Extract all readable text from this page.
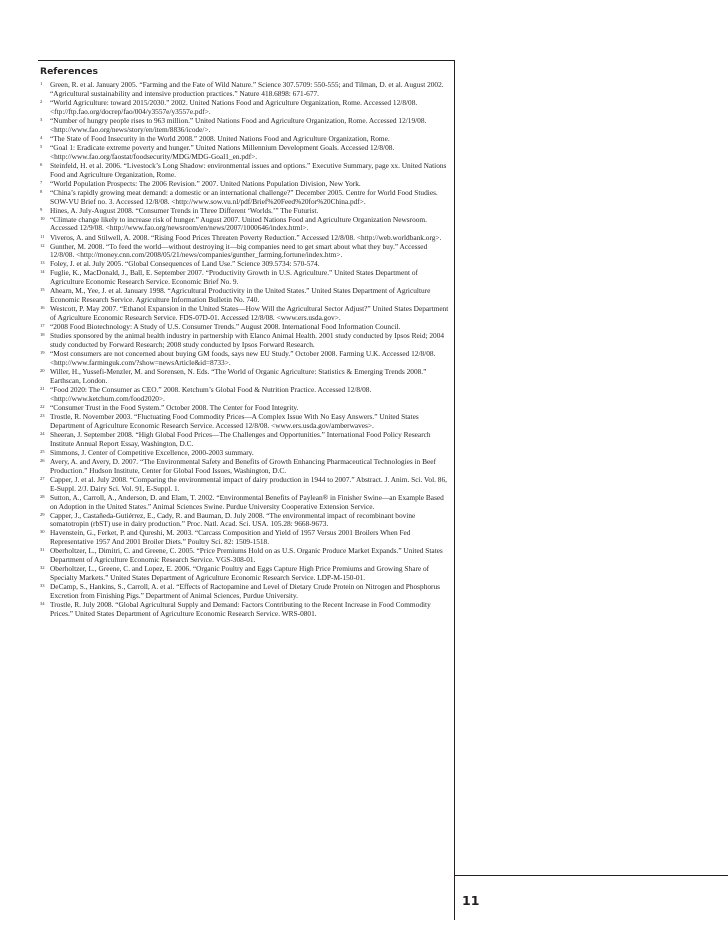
11
References
1 Green, R. et al. January 2005. “Farming and the Fate of Wild Nature.” Science 307.5709: 550-555; and Tilman, D. et al. August 2002. “Agricultural sustainability and intensive production practices.” Nature 418.6898: 671-677.
2 “World Agriculture: toward 2015/2030.” 2002. United Nations Food and Agriculture Organization, Rome. Accessed 12/8/08. <ftp://ftp.fao.org/docrep/fao/004/y3557e/y3557e.pdf>.
3 “Number of hungry people rises to 963 million.” United Nations Food and Agriculture Organization, Rome. Accessed 12/19/08. <http://www.fao.org/news/story/en/item/8836/icode/>.
4 “The State of Food Insecurity in the World 2008.” 2008. United Nations Food and Agriculture Organization, Rome.
5 “Goal 1: Eradicate extreme poverty and hunger.” United Nations Millennium Development Goals. Accessed 12/8/08. <http://www.fao.org/faostat/foodsecurity/MDG/MDG-Goal1_en.pdf>.
6 Steinfeld, H. et al. 2006. “Livestock’s Long Shadow: environmental issues and options.” Executive Summary, page xx. United Nations Food and Agriculture Organization, Rome.
7 “World Population Prospects: The 2006 Revision.” 2007. United Nations Population Division, New York.
8 “China’s rapidly growing meat demand: a domestic or an international challenge?” December 2005. Centre for World Food Studies. SOW-VU Brief no. 3. Accessed 12/8/08. <http://www.sow.vu.nl/pdf/Brief%20Feed%20for%20China.pdf>.
9 Hines, A. July-August 2008. “Consumer Trends in Three Different ‘Worlds.’” The Futurist.
10 “Climate change likely to increase risk of hunger.” August 2007. United Nations Food and Agriculture Organization Newsroom. Accessed 12/9/08. <http://www.fao.org/newsroom/en/news/2007/1000646/index.html>.
11 Viveros, A. and Stilwell, A. 2008. “Rising Food Prices Threaten Poverty Reduction.” Accessed 12/8/08. <http://web.worldbank.org>.
12 Gunther, M. 2008. “To feed the world—without destroying it—big companies need to get smart about what they buy.” Accessed 12/8/08. <http://money.cnn.com/2008/05/21/news/companies/gunther_farming.fortune/index.htm>.
13 Foley, J. et al. July 2005. “Global Consequences of Land Use.” Science 309.5734: 570-574.
14 Fuglie, K., MacDonald, J., Ball, E. September 2007. “Productivity Growth in U.S. Agriculture.” United States Department of Agriculture Economic Research Service. Economic Brief No. 9.
15 Ahearn, M., Yee, J. et al. January 1998. “Agricultural Productivity in the United States.” United States Department of Agriculture Economic Research Service. Agriculture Information Bulletin No. 740.
16 Westcott, P. May 2007. “Ethanol Expansion in the United States—How Will the Agricultural Sector Adjust?” United States Department of Agriculture Economic Research Service. FDS-07D-01. Accessed 12/8/08. <www.ers.usda.gov>.
17 “2008 Food Biotechnology: A Study of U.S. Consumer Trends.” August 2008. International Food Information Council.
18 Studies sponsored by the animal health industry in partnership with Elanco Animal Health. 2001 study conducted by Ipsos Reid; 2004 study conducted by Forward Research; 2008 study conducted by Ipsos Forward Research.
19 “Most consumers are not concerned about buying GM foods, says new EU Study.” October 2008. Farming U.K. Accessed 12/8/08. <http://www.farminguk.com/?show=newsArticle&id=8733>.
20 Willer, H., Yussefi-Menzler, M. and Sorensen, N. Eds. “The World of Organic Agriculture: Statistics & Emerging Trends 2008.” Earthscan, London.
21 “Food 2020: The Consumer as CEO.” 2008. Ketchum’s Global Food & Nutrition Practice. Accessed 12/8/08. <http://www.ketchum.com/food2020>.
22 “Consumer Trust in the Food System.” October 2008. The Center for Food Integrity.
23 Trostle, R. November 2003. “Fluctuating Food Commodity Prices—A Complex Issue With No Easy Answers.” United States Department of Agriculture Economic Research Service. Accessed 12/8/08. <www.ers.usda.gov/amberwaves>.
24 Sheeran, J. September 2008. “High Global Food Prices—The Challenges and Opportunities.” International Food Policy Research Institute Annual Report Essay, Washington, D.C.
25 Simmons, J. Center of Competitive Excellence, 2000-2003 summary.
26 Avery, A. and Avery, D. 2007. “The Environmental Safety and Benefits of Growth Enhancing Pharmaceutical Technologies in Beef Production.” Hudson Institute, Center for Global Food Issues, Washington, D.C.
27 Capper, J. et al. July 2008. “Comparing the environmental impact of dairy production in 1944 to 2007.” Abstract. J. Anim. Sci. Vol. 86, E-Suppl. 2/J. Dairy Sci. Vol. 91, E-Suppl. 1.
28 Sutton, A., Carroll, A., Anderson, D. and Elam, T. 2002. “Environmental Benefits of Paylean® in Finisher Swine—an Example Based on Adoption in the United States.” Animal Sciences Swine. Purdue University Cooperative Extension Service.
29 Capper, J., Castañeda-Gutiérrez, E., Cady, R. and Bauman, D. July 2008. “The environmental impact of recombinant bovine somatotropin (rbST) use in dairy production.” Proc. Natl. Acad. Sci. USA. 105.28: 9668-9673.
30 Havenstein, G., Ferket, P. and Qureshi, M. 2003. “Carcass Composition and Yield of 1957 Versus 2001 Broilers When Fed Representative 1957 And 2001 Broiler Diets.” Poultry Sci. 82: 1509-1518.
31 Oberholtzer, L., Dimitri, C. and Greene, C. 2005. “Price Premiums Hold on as U.S. Organic Produce Market Expands.” United States Department of Agriculture Economic Research Service. VGS-308-01.
32 Oberholtzer, L., Greene, C. and Lopez, E. 2006. “Organic Poultry and Eggs Capture High Price Premiums and Growing Share of Specialty Markets.” United States Department of Agriculture Economic Research Service. LDP-M-150-01.
33 DeCamp, S., Hankins, S., Carroll, A. et al. “Effects of Ractopamine and Level of Dietary Crude Protein on Nitrogen and Phosphorus Excretion from Finishing Pigs.” Department of Animal Sciences, Purdue University.
34 Trostle, R. July 2008. “Global Agricultural Supply and Demand: Factors Contributing to the Recent Increase in Food Commodity Prices.” United States Department of Agriculture Economic Research Service. WRS-0801.
